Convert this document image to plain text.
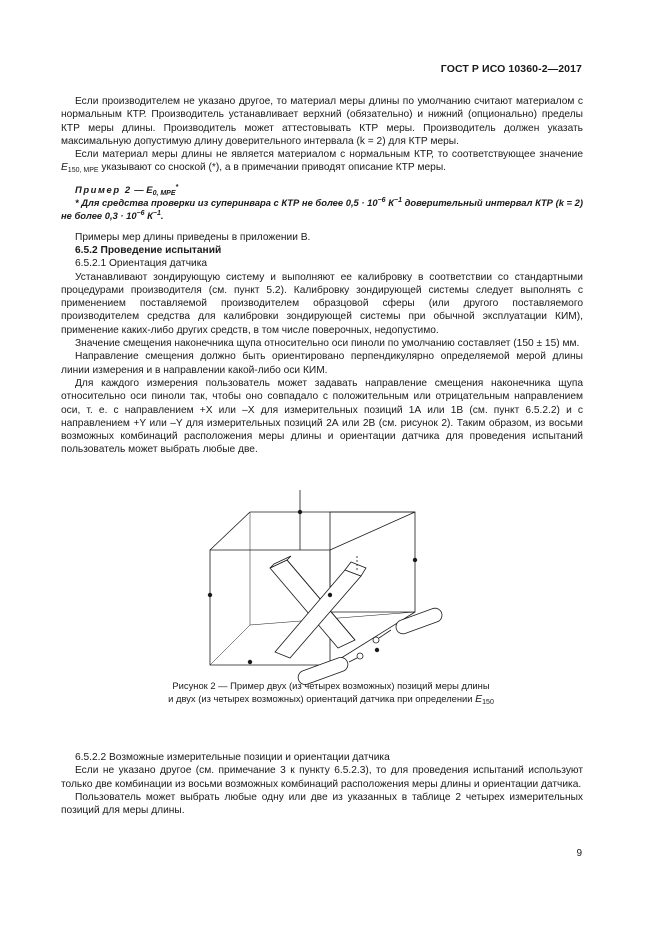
ГОСТ Р ИСО 10360-2—2017

Если производителем не указано другое, то материал меры длины по умолчанию считают материалом с нормальным КТР. Производитель устанавливает верхний (обязательно) и нижний (опционально) пределы КТР меры длины. Производитель может аттестовывать КТР меры. Производитель должен указать максимальную допустимую длину доверительного интервала (k = 2) для КТР меры.

Если материал меры длины не является материалом с нормальным КТР, то соответствующее значение $E_{150, MPE}$ указывают со сноской (*), а в примечании приводят описание КТР меры.

Пример 2 — $E_{0, MPE}^*$

* Для средства проверки из суперинвара с КТР не более $0,5 \cdot 10^{-6}$ $К^{-1}$ доверительный интервал КТР (k = 2) не более $0,3 \cdot 10^{-6}$ $К^{-1}$.

Примеры мер длины приведены в приложении В.

6.5.2 Проведение испытаний

6.5.2.1 Ориентация датчика

Устанавливают зондирующую систему и выполняют ее калибровку в соответствии со стандартными процедурами производителя (см. пункт 5.2). Калибровку зондирующей системы следует выполнять с применением поставляемой производителем образцовой сферы (или другого поставляемого производителем средства для калибровки зондирующей системы при обычной эксплуатации КИМ), применение каких-либо других средств, в том числе поверочных, недопустимо.

Значение смещения наконечника щупа относительно оси пиноли по умолчанию составляет (150 ± 15) мм.

Направление смещения должно быть ориентировано перпендикулярно определяемой мерой длины линии измерения и в направлении какой-либо оси КИМ.

Для каждого измерения пользователь может задавать направление смещения наконечника щупа относительно оси пиноли так, чтобы оно совпадало с положительным или отрицательным направлением оси, т. е. с направлением +X или –X для измерительных позиций 1А или 1В (см. пункт 6.5.2.2) и с направлением +Y или –Y для измерительных позиций 2А или 2В (см. рисунок 2). Таким образом, из восьми возможных комбинаций расположения меры длины и ориентации датчика для проведения испытаний пользователь может выбрать любые две.

Рисунок 2 — Пример двух (из четырех возможных) позиций меры длины
и двух (из четырех возможных) ориентаций датчика при определении $E_{150}$

6.5.2.2 Возможные измерительные позиции и ориентации датчика

Если не указано другое (см. примечание 3 к пункту 6.5.2.3), то для проведения испытаний используют только две комбинации из восьми возможных комбинаций расположения меры длины и ориентации датчика.

Пользователь может выбрать любые одну или две из указанных в таблице 2 четырех измерительных позиций для меры длины.

9
